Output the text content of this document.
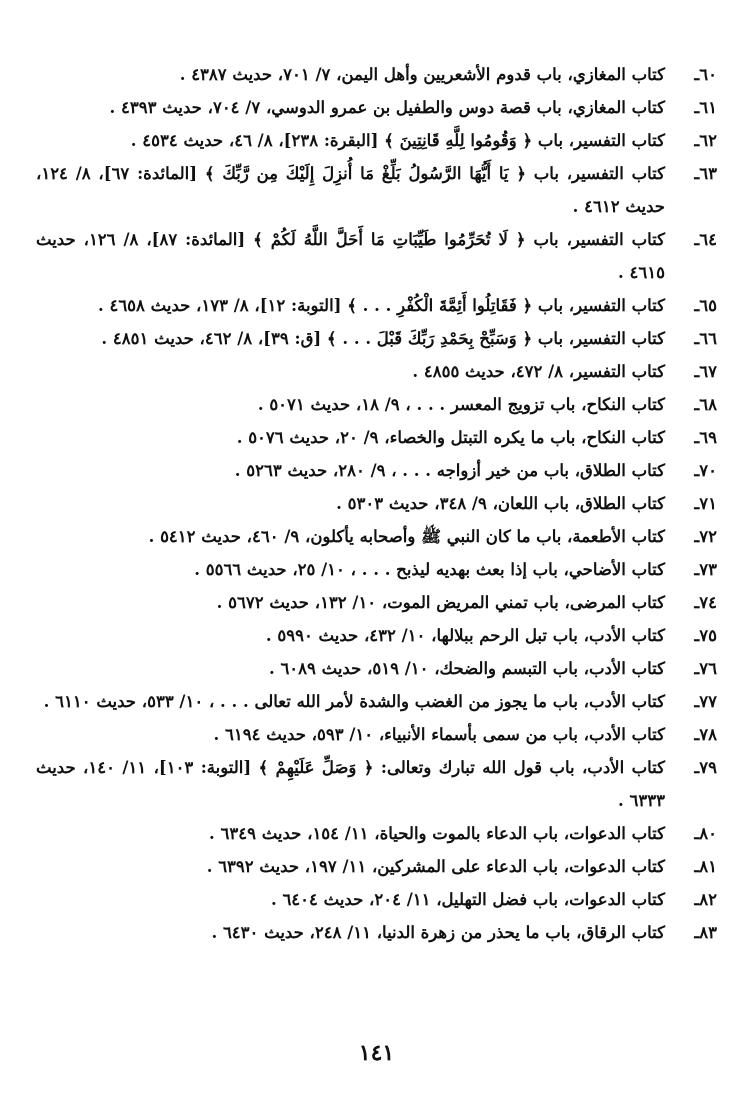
٦٠ـ
كتاب المغازي، باب قدوم الأشعريين وأهل اليمن، ٧/ ٧٠١، حديث ٤٣٨٧ .
٦١ـ
كتاب المغازي، باب قصة دوس والطفيل بن عمرو الدوسي، ٧/ ٧٠٤، حديث ٤٣٩٣ .
٦٢ـ
كتاب التفسير، باب ﴿ وَقُومُوا لِلَّهِ قَانِتِينَ ﴾ [البقرة: ٢٣٨]، ٨/ ٤٦، حديث ٤٥٣٤ .
٦٣ـ
كتاب التفسير، باب ﴿ يَا أَيُّهَا الرَّسُولُ بَلِّغْ مَا أُنزِلَ إِلَيْكَ مِن رَّبِّكَ ﴾ [المائدة: ٦٧]، ٨/ ١٢٤، حديث ٤٦١٢ .
٦٤ـ
كتاب التفسير، باب ﴿ لَا تُحَرِّمُوا طَيِّبَاتِ مَا أَحَلَّ اللَّهُ لَكُمْ ﴾ [المائدة: ٨٧]، ٨/ ١٢٦، حديث ٤٦١٥ .
٦٥ـ
كتاب التفسير، باب ﴿ فَقَاتِلُوا أَئِمَّةَ الْكُفْرِ . . . ﴾ [التوبة: ١٢]، ٨/ ١٧٣، حديث ٤٦٥٨ .
٦٦ـ
كتاب التفسير، باب ﴿ وَسَبِّحْ بِحَمْدِ رَبِّكَ قَبْلَ . . . ﴾ [ق: ٣٩]، ٨/ ٤٦٢، حديث ٤٨٥١ .
٦٧ـ
كتاب التفسير، ٨/ ٤٧٢، حديث ٤٨٥٥ .
٦٨ـ
كتاب النكاح، باب تزويج المعسر . . . ، ٩/ ١٨، حديث ٥٠٧١ .
٦٩ـ
كتاب النكاح، باب ما يكره التبتل والخصاء، ٩/ ٢٠، حديث ٥٠٧٦ .
٧٠ـ
كتاب الطلاق، باب من خير أزواجه . . . ، ٩/ ٢٨٠، حديث ٥٢٦٣ .
٧١ـ
كتاب الطلاق، باب اللعان، ٩/ ٣٤٨، حديث ٥٣٠٣ .
٧٢ـ
كتاب الأطعمة، باب ما كان النبي ﷺ وأصحابه يأكلون، ٩/ ٤٦٠، حديث ٥٤١٢ .
٧٣ـ
كتاب الأضاحي، باب إذا بعث بهديه ليذبح . . . ، ١٠/ ٢٥، حديث ٥٥٦٦ .
٧٤ـ
كتاب المرضى، باب تمني المريض الموت، ١٠/ ١٣٢، حديث ٥٦٧٢ .
٧٥ـ
كتاب الأدب، باب تبل الرحم ببلالها، ١٠/ ٤٣٢، حديث ٥٩٩٠ .
٧٦ـ
كتاب الأدب، باب التبسم والضحك، ١٠/ ٥١٩، حديث ٦٠٨٩ .
٧٧ـ
كتاب الأدب، باب ما يجوز من الغضب والشدة لأمر الله تعالى . . . ، ١٠/ ٥٣٣، حديث ٦١١٠ .
٧٨ـ
كتاب الأدب، باب من سمى بأسماء الأنبياء، ١٠/ ٥٩٣، حديث ٦١٩٤ .
٧٩ـ
كتاب الأدب، باب قول الله تبارك وتعالى: ﴿ وَصَلِّ عَلَيْهِمْ ﴾ [التوبة: ١٠٣]، ١١/ ١٤٠، حديث ٦٣٣٣ .
٨٠ـ
كتاب الدعوات، باب الدعاء بالموت والحياة، ١١/ ١٥٤، حديث ٦٣٤٩ .
٨١ـ
كتاب الدعوات، باب الدعاء على المشركين، ١١/ ١٩٧، حديث ٦٣٩٢ .
٨٢ـ
كتاب الدعوات، باب فضل التهليل، ١١/ ٢٠٤، حديث ٦٤٠٤ .
٨٣ـ
كتاب الرقاق، باب ما يحذر من زهرة الدنيا، ١١/ ٢٤٨، حديث ٦٤٣٠ .
١٤١
